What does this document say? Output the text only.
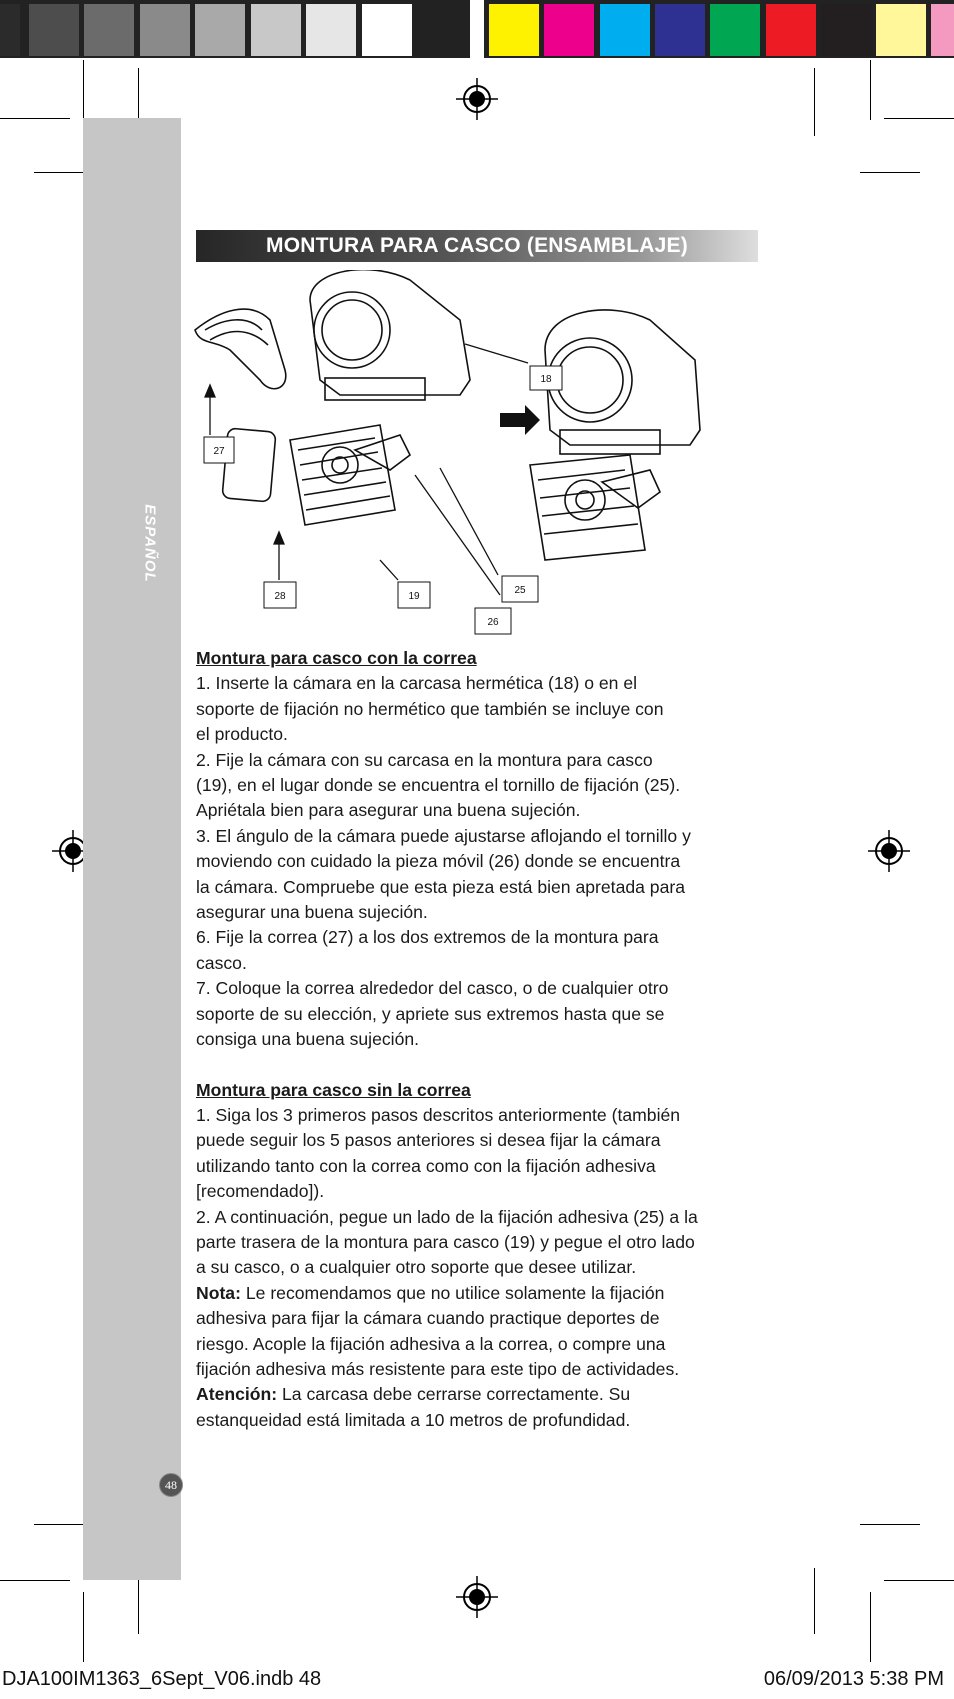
ESPAÑOL
48
MONTURA PARA CASCO (ENSAMBLAJE)
18
27
28	19
25
26

Montura para casco con la correa

1. Inserte la cámara en la carcasa hermética (18) o en el

soporte de fijación no hermético que también se incluye con

el producto.

2. Fije la cámara con su carcasa en la montura para casco

(19), en el lugar donde se encuentra el tornillo de fijación (25).

Apriétala bien para asegurar una buena sujeción.

3. El ángulo de la cámara puede ajustarse aflojando el tornillo y

moviendo con cuidado la pieza móvil (26) donde se encuentra

la cámara. Compruebe que esta pieza está bien apretada para

asegurar una buena sujeción.

6. Fije la correa (27) a los dos extremos de la montura para

casco.

7. Coloque la correa alrededor del casco, o de cualquier otro

soporte de su elección, y apriete sus extremos hasta que se

consiga una buena sujeción.

Montura para casco sin la correa

1. Siga los 3 primeros pasos descritos anteriormente (también

puede seguir los 5 pasos anteriores si desea fijar la cámara

utilizando tanto con la correa como con la fijación adhesiva

[recomendado]).

2. A continuación, pegue un lado de la fijación adhesiva (25) a la

parte trasera de la montura para casco (19) y pegue el otro lado

a su casco, o a cualquier otro soporte que desee utilizar.

Nota: Le recomendamos que no utilice solamente la fijación
adhesiva para fijar la cámara cuando practique deportes de
riesgo. Acople la fijación adhesiva a la correa, o compre una
fijación adhesiva más resistente para este tipo de actividades.
Atención: La carcasa debe cerrarse correctamente. Su
estanqueidad está limitada a 10 metros de profundidad.
DJA100IM1363_6Sept_V06.indb 48	06/09/2013 5:38 PM
